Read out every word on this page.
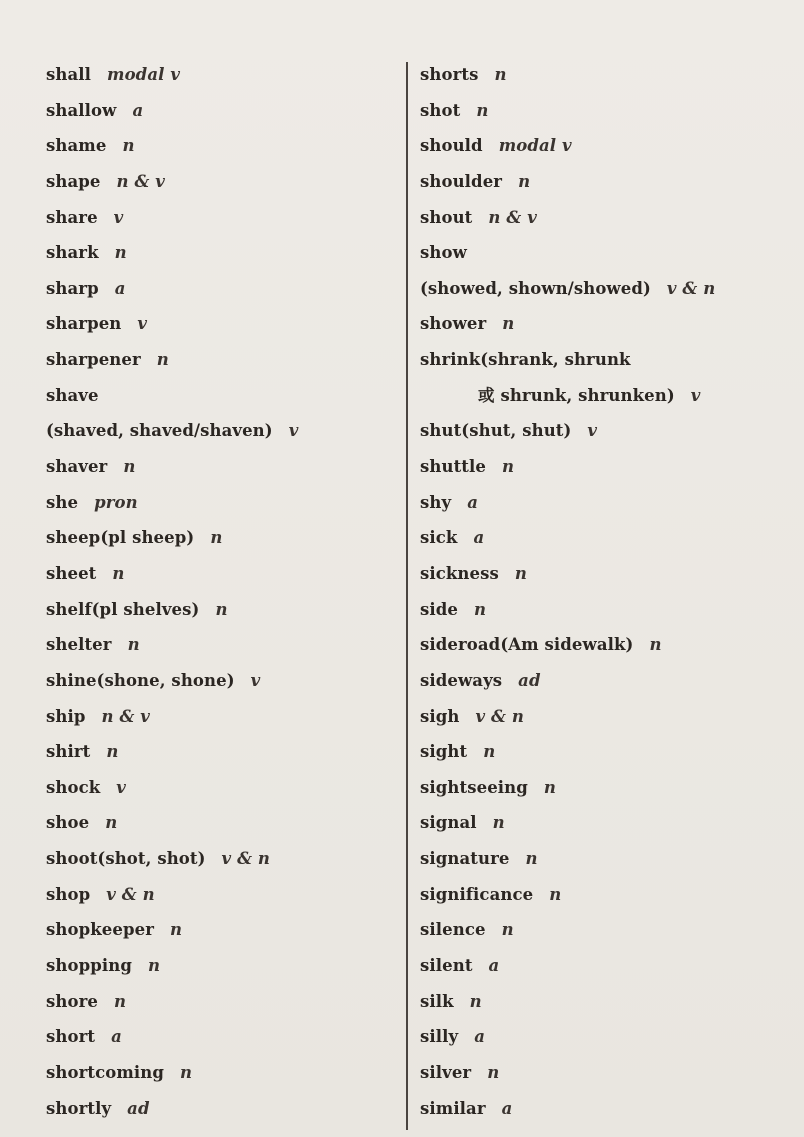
shall modal v
shallow a
shame n
shape n & v
share v
shark n
sharp a
sharpen v
sharpener n
shave
(shaved, shaved/shaven) v
shaver n
she pron
sheep(pl sheep) n
sheet n
shelf(pl shelves) n
shelter n
shine(shone, shone) v
ship n & v
shirt n
shock v
shoe n
shoot(shot, shot) v & n
shop v & n
shopkeeper n
shopping n
shore n
short a
shortcoming n
shortly ad
shorts n
shot n
should modal v
shoulder n
shout n & v
show
(showed, shown/showed) v & n
shower n
shrink(shrank, shrunk
或 shrunk, shrunken) v
shut(shut, shut) v
shuttle n
shy a
sick a
sickness n
side n
sideroad(Am sidewalk) n
sideways ad
sigh v & n
sight n
sightseeing n
signal n
signature n
significance n
silence n
silent a
silk n
silly a
silver n
similar a
